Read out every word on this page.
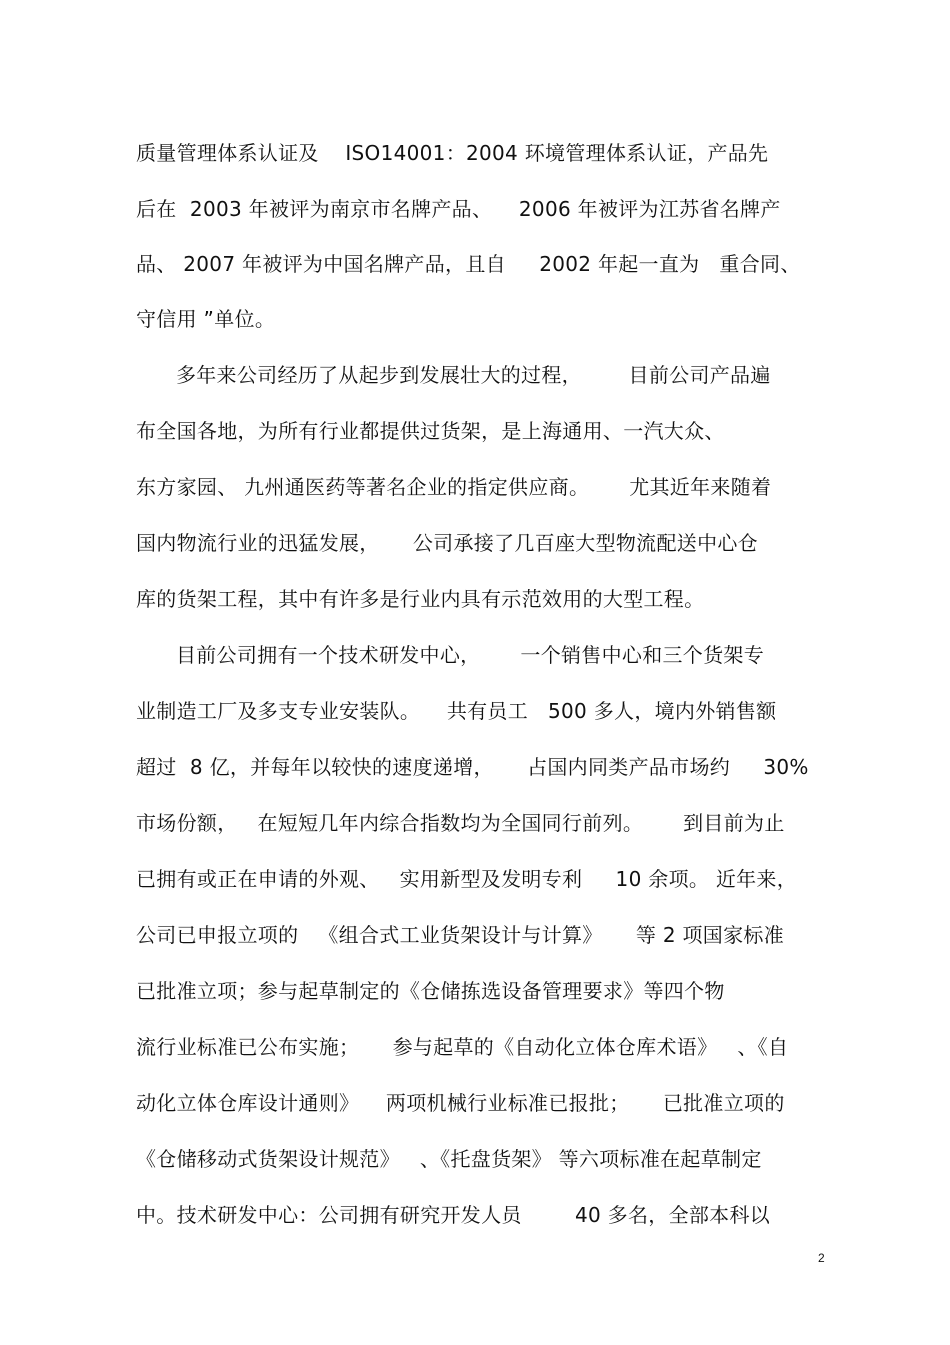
质量管理体系认证及    ISO14001：2004 环境管理体系认证，产品先
后在  2003 年被评为南京市名牌产品、    2006 年被评为江苏省名牌产
品、 2007 年被评为中国名牌产品，且自     2002 年起一直为   重合同、
守信用 ”单位。
多年来公司经历了从起步到发展壮大的过程，       目前公司产品遍
布全国各地，为所有行业都提供过货架，是上海通用、一汽大众、
东方家园、 九州通医药等著名企业的指定供应商。      尤其近年来随着
国内物流行业的迅猛发展，     公司承接了几百座大型物流配送中心仓
库的货架工程，其中有许多是行业内具有示范效用的大型工程。
目前公司拥有一个技术研发中心，      一个销售中心和三个货架专
业制造工厂及多支专业安装队。    共有员工   500 多人，境内外销售额
超过  8 亿，并每年以较快的速度递增，     占国内同类产品市场约     30%
市场份额，   在短短几年内综合指数均为全国同行前列。      到目前为止
已拥有或正在申请的外观、   实用新型及发明专利     10 余项。 近年来，
公司已申报立项的   《组合式工业货架设计与计算》     等 2 项国家标准
已批准立项；参与起草制定的《仓储拣选设备管理要求》等四个物
流行业标准已公布实施；     参与起草的《自动化立体仓库术语》   、《自
动化立体仓库设计通则》    两项机械行业标准已报批；     已批准立项的
《仓储移动式货架设计规范》   、《托盘货架》 等六项标准在起草制定
中。技术研发中心：公司拥有研究开发人员        40 多名，全部本科以
2
